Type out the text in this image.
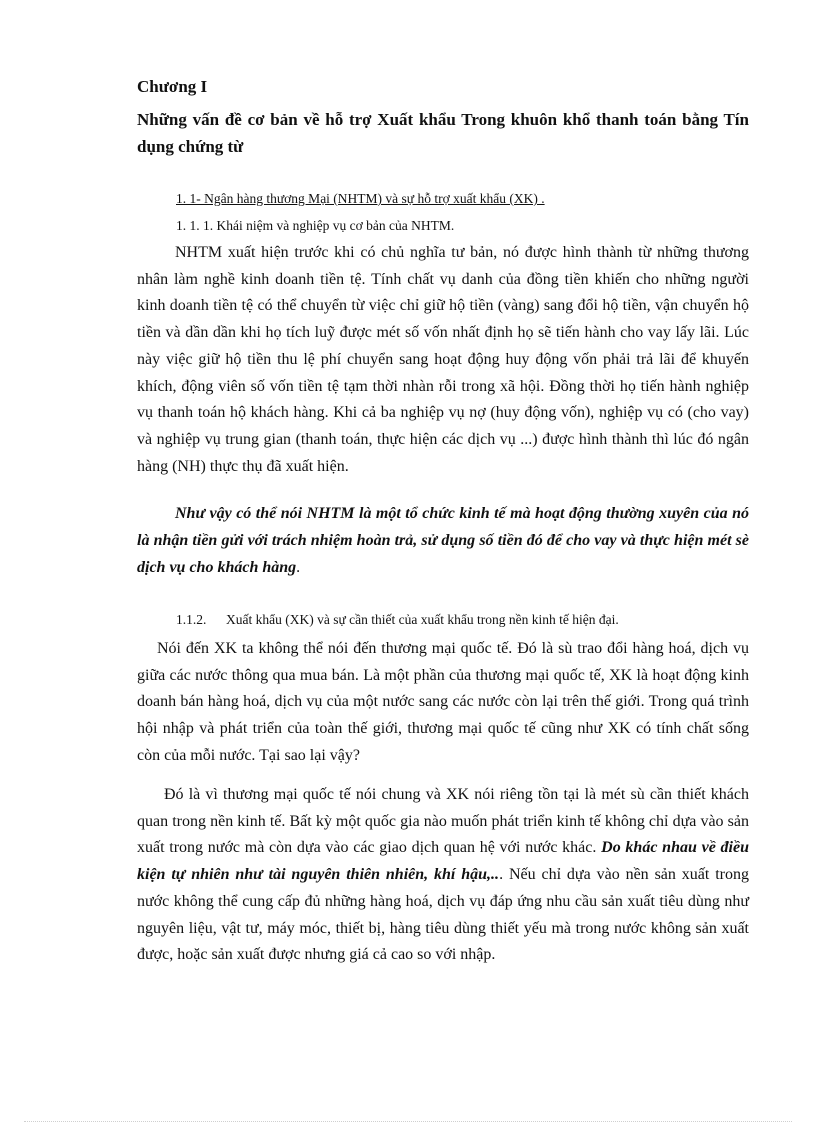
Chương I

Những vấn đề cơ bản về hỗ trợ Xuất khẩu Trong khuôn khổ thanh toán bằng Tín dụng chứng từ

1. 1- Ngân hàng thương Mại (NHTM) và sự hỗ trợ xuất khẩu (XK) .

1. 1. 1. Khái niệm và nghiệp vụ cơ bản của NHTM.

NHTM xuất hiện trước khi có chủ nghĩa tư bản, nó được hình thành từ những thương nhân làm nghề kinh doanh tiền tệ. Tính chất vụ danh của đồng tiền khiến cho những người kinh doanh tiền tệ có thể chuyển từ việc chỉ giữ hộ tiền (vàng) sang đổi hộ tiền, vận chuyển hộ tiền và dần dần khi họ tích luỹ được mét số vốn nhất định họ sẽ tiến hành cho vay lấy lãi. Lúc này việc giữ hộ tiền thu lệ phí chuyển sang hoạt động huy động vốn phải trả lãi để khuyến khích, động viên số vốn tiền tệ tạm thời nhàn rỗi trong xã hội. Đồng thời họ tiến hành nghiệp vụ thanh toán hộ khách hàng. Khi cả ba nghiệp vụ nợ (huy động vốn), nghiệp vụ có (cho vay) và nghiệp vụ trung gian (thanh toán, thực hiện các dịch vụ ...) được hình thành thì lúc đó ngân hàng (NH) thực thụ đã xuất hiện.

Như vậy có thể nói NHTM là một tổ chức kinh tế mà hoạt động thường xuyên của nó là nhận tiền gửi với trách nhiệm hoàn trả, sử dụng số tiền đó để cho vay và thực hiện mét sè dịch vụ cho khách hàng.

1.1.2. Xuất khẩu (XK) và sự cần thiết của xuất khẩu trong nền kinh tế hiện đại.

Nói đến XK ta không thể nói đến thương mại quốc tế. Đó là sù trao đổi hàng hoá, dịch vụ giữa các nước thông qua mua bán. Là một phần của thương mại quốc tế, XK là hoạt động kinh doanh bán hàng hoá, dịch vụ của một nước sang các nước còn lại trên thế giới. Trong quá trình hội nhập và phát triển của toàn thế giới, thương mại quốc tế cũng như XK có tính chất sống còn của mỗi nước. Tại sao lại vậy?

Đó là vì thương mại quốc tế nói chung và XK nói riêng tồn tại là mét sù cần thiết khách quan trong nền kinh tế. Bất kỳ một quốc gia nào muốn phát triển kinh tế không chỉ dựa vào sản xuất trong nước mà còn dựa vào các giao dịch quan hệ với nước khác. Do khác nhau về điều kiện tự nhiên như tài nguyên thiên nhiên, khí hậu,... Nếu chỉ dựa vào nền sản xuất trong nước không thể cung cấp đủ những hàng hoá, dịch vụ đáp ứng nhu cầu sản xuất tiêu dùng như nguyên liệu, vật tư, máy móc, thiết bị, hàng tiêu dùng thiết yếu mà trong nước không sản xuất được, hoặc sản xuất được nhưng giá cả cao so với nhập.
